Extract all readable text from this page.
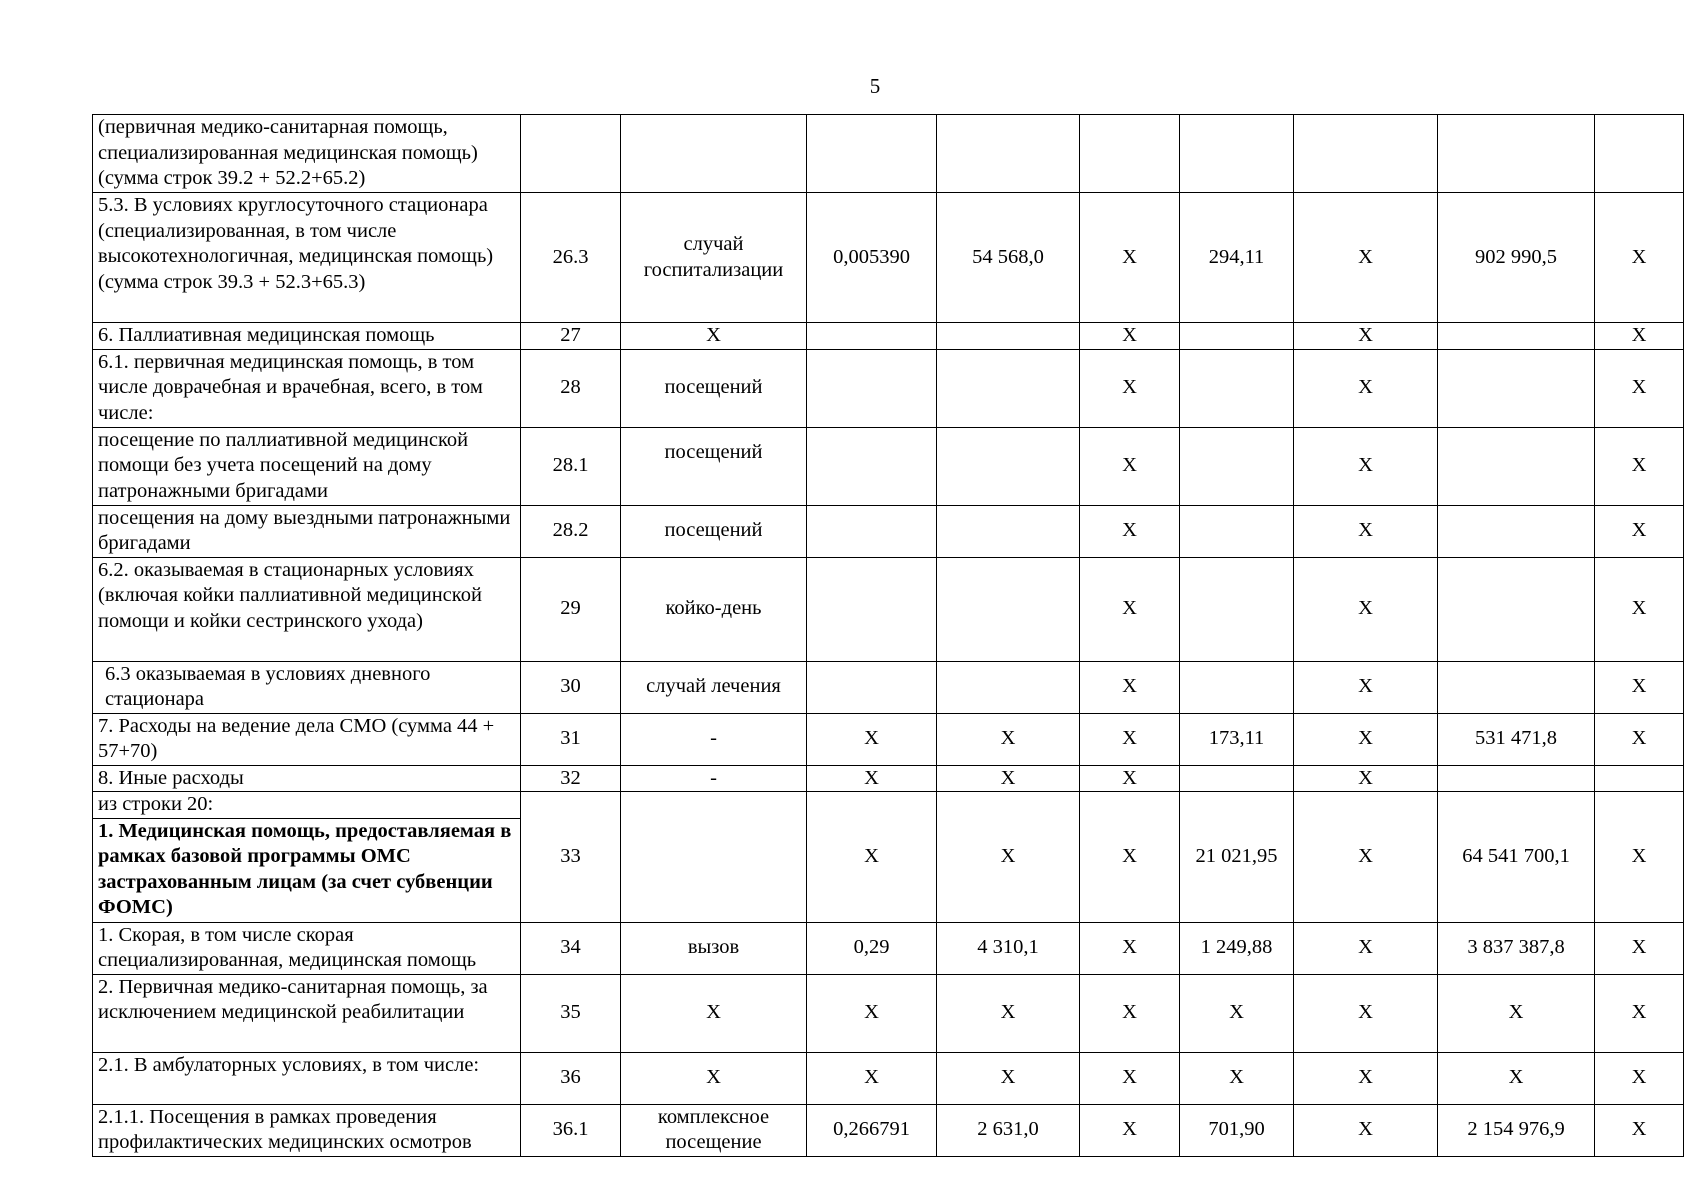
5
(первичная медико-санитарная помощь, специализированная медицинская помощь) (сумма строк 39.2 + 52.2+65.2)									
5.3. В условиях круглосуточного стационара (специализированная, в том числе высокотехнологичная, медицинская помощь) (сумма строк 39.3 + 52.3+65.3)	26.3	случай госпитализации	0,005390	54 568,0	Х	294,11	Х	902 990,5	Х
6. Паллиативная медицинская помощь	27	Х			Х		Х		Х
6.1. первичная медицинская помощь, в том числе доврачебная и врачебная, всего, в том числе:	28	посещений			Х		Х		Х
посещение по паллиативной медицинской помощи без учета посещений на дому патронажными бригадами	28.1	посещений			Х		Х		Х
посещения на дому выездными патронажными бригадами	28.2	посещений			Х		Х		Х
6.2. оказываемая в стационарных условиях (включая койки паллиативной медицинской помощи и койки сестринского ухода)	29	койко-день			Х		Х		Х
6.3 оказываемая в условиях дневного стационара	30	случай лечения			Х		Х		Х
7. Расходы на ведение дела СМО (сумма 44 + 57+70)	31	-	Х	Х	Х	173,11	Х	531 471,8	Х
8. Иные расходы	32	-	Х	Х	Х		Х		
из строки 20:	33		Х	Х	Х	21 021,95	Х	64 541 700,1	Х
1. Медицинская помощь, предоставляемая в рамках базовой программы ОМС застрахованным лицам (за счет субвенции ФОМС)									
1. Скорая, в том числе скорая специализированная, медицинская помощь	34	вызов	0,29	4 310,1	Х	1 249,88	Х	3 837 387,8	Х
2. Первичная медико-санитарная помощь, за исключением медицинской реабилитации	35	Х	Х	Х	Х	Х	Х	Х	Х
2.1. В амбулаторных условиях, в том числе:	36	Х	Х	Х	Х	Х	Х	Х	Х
2.1.1. Посещения в рамках проведения профилактических медицинских осмотров	36.1	комплексное посещение	0,266791	2 631,0	Х	701,90	Х	2 154 976,9	Х
